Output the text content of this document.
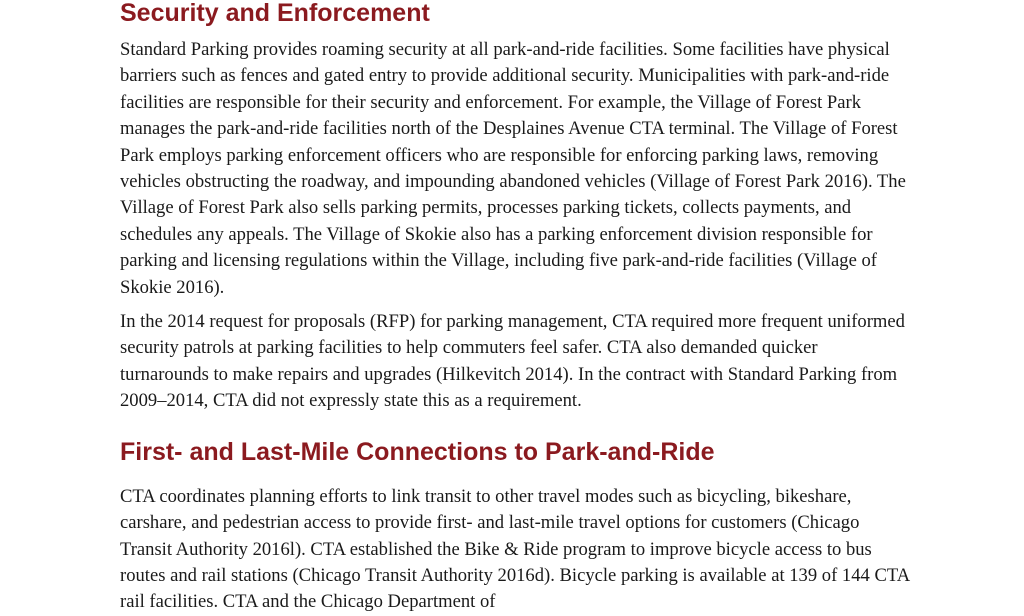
Security and Enforcement

Standard Parking provides roaming security at all park-and-ride facilities. Some facilities have physical barriers such as fences and gated entry to provide additional security. Municipalities with park-and-ride facilities are responsible for their security and enforcement. For example, the Village of Forest Park manages the park-and-ride facilities north of the Desplaines Avenue CTA terminal. The Village of Forest Park employs parking enforcement officers who are responsible for enforcing parking laws, removing vehicles obstructing the roadway, and impounding abandoned vehicles (Village of Forest Park 2016). The Village of Forest Park also sells parking permits, processes parking tickets, collects payments, and schedules any appeals. The Village of Skokie also has a parking enforcement division responsible for parking and licensing regulations within the Village, including five park-and-ride facilities (Village of Skokie 2016).

In the 2014 request for proposals (RFP) for parking management, CTA required more frequent uniformed security patrols at parking facilities to help commuters feel safer. CTA also demanded quicker turnarounds to make repairs and upgrades (Hilkevitch 2014). In the contract with Standard Parking from 2009–2014, CTA did not expressly state this as a requirement.

First- and Last-Mile Connections to Park-and-Ride

CTA coordinates planning efforts to link transit to other travel modes such as bicycling, bikeshare, carshare, and pedestrian access to provide first- and last-mile travel options for customers (Chicago Transit Authority 2016l). CTA established the Bike & Ride program to improve bicycle access to bus routes and rail stations (Chicago Transit Authority 2016d). Bicycle parking is available at 139 of 144 CTA rail facilities. CTA and the Chicago Department of
